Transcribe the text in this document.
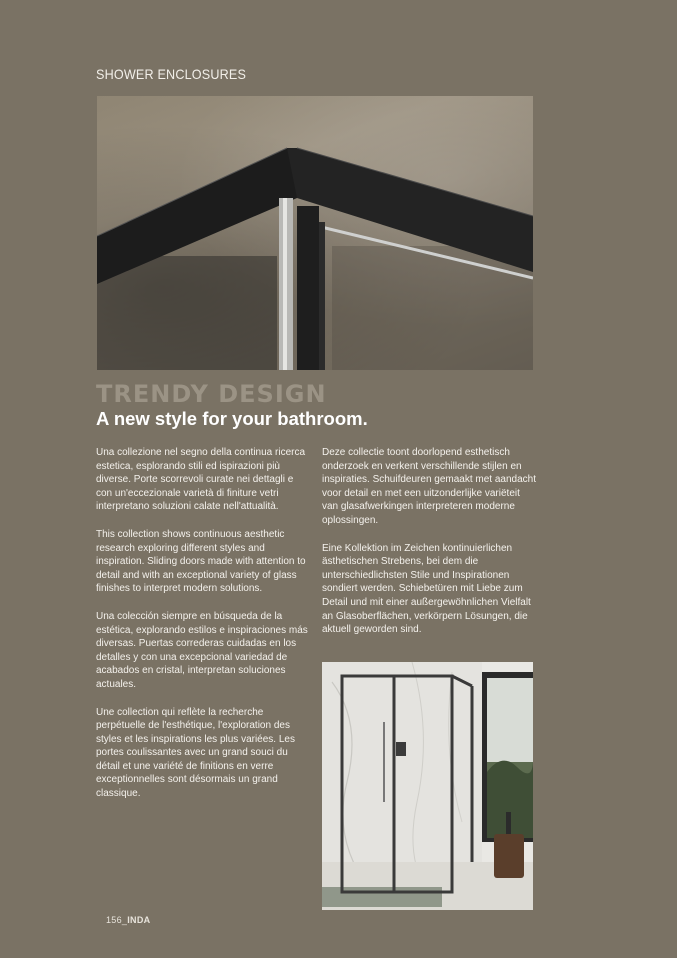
SHOWER ENCLOSURES
TRENDY DESIGN
A new style for your bathroom.

Una collezione nel segno della continua ricerca estetica, esplorando stili ed ispirazioni più diverse. Porte scorrevoli curate nei dettagli e con un'eccezionale varietà di finiture vetri interpretano soluzioni calate nell'attualità.

This collection shows continuous aesthetic research exploring different styles and inspiration. Sliding doors made with attention to detail and with an exceptional variety of glass finishes to interpret modern solutions.

Una colección siempre en búsqueda de la estética, explorando estilos e inspiraciones más diversas. Puertas correderas cuidadas en los detalles y con una excepcional variedad de acabados en cristal, interpretan soluciones actuales.

Une collection qui reflète la recherche perpétuelle de l'esthétique, l'exploration des styles et les inspirations les plus variées. Les portes coulissantes avec un grand souci du détail et une variété de finitions en verre exceptionnelles sont désormais un grand classique.

Deze collectie toont doorlopend esthetisch onderzoek en verkent verschillende stijlen en inspiraties. Schuifdeuren gemaakt met aandacht voor detail en met een uitzonderlijke variëteit van glasafwerkingen interpreteren moderne oplossingen.

Eine Kollektion im Zeichen kontinuierlichen ästhetischen Strebens, bei dem die unterschiedlichsten Stile und Inspirationen sondiert werden. Schiebetüren mit Liebe zum Detail und mit einer außergewöhnlichen Vielfalt an Glasoberflächen, verkörpern Lösungen, die aktuell geworden sind.

156_INDA
